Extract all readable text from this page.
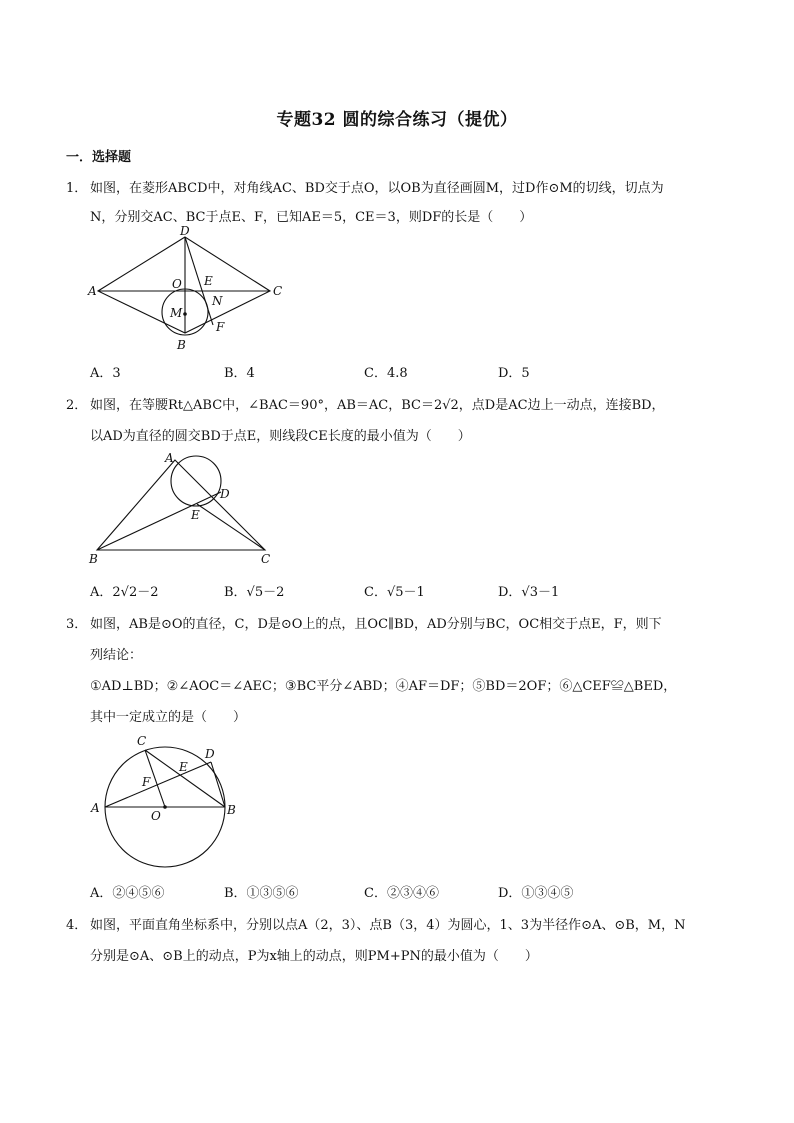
专题32 圆的综合练习（提优）
一．选择题
1． 如图，在菱形ABCD中，对角线AC、BD交于点O，以OB为直径画圆M，过D作⊙M的切线，切点为
N，分别交AC、BC于点E、F，已知AE＝5，CE＝3，则DF的长是（　　）
D
A	O E
N
C
M
F
B
A．3	B．4	C．4.8	D．5
2． 如图，在等腰Rt△ABC中，∠BAC＝90°，AB＝AC，BC＝2√2，点D是AC边上一动点，连接BD，
以AD为直径的圆交BD于点E，则线段CE长度的最小值为（　　）
A
D
E
B	C
A．2√2－2	B．√5－2	C．√5－1	D．√3－1
3． 如图，AB是⊙O的直径，C，D是⊙O上的点，且OC∥BD，AD分别与BC，OC相交于点E，F，则下
列结论：
①AD⊥BD；②∠AOC＝∠AEC；③BC平分∠ABD；④AF＝DF；⑤BD＝2OF；⑥△CEF≌△BED，
其中一定成立的是（　　）
C
D
F
E
A
O	B
A．②④⑤⑥	B．①③⑤⑥	C．②③④⑥	D．①③④⑤
4． 如图，平面直角坐标系中，分别以点A（2，3）、点B（3，4）为圆心，1、3为半径作⊙A、⊙B，M，N
分别是⊙A、⊙B上的动点，P为x轴上的动点，则PM+PN的最小值为（　　）
